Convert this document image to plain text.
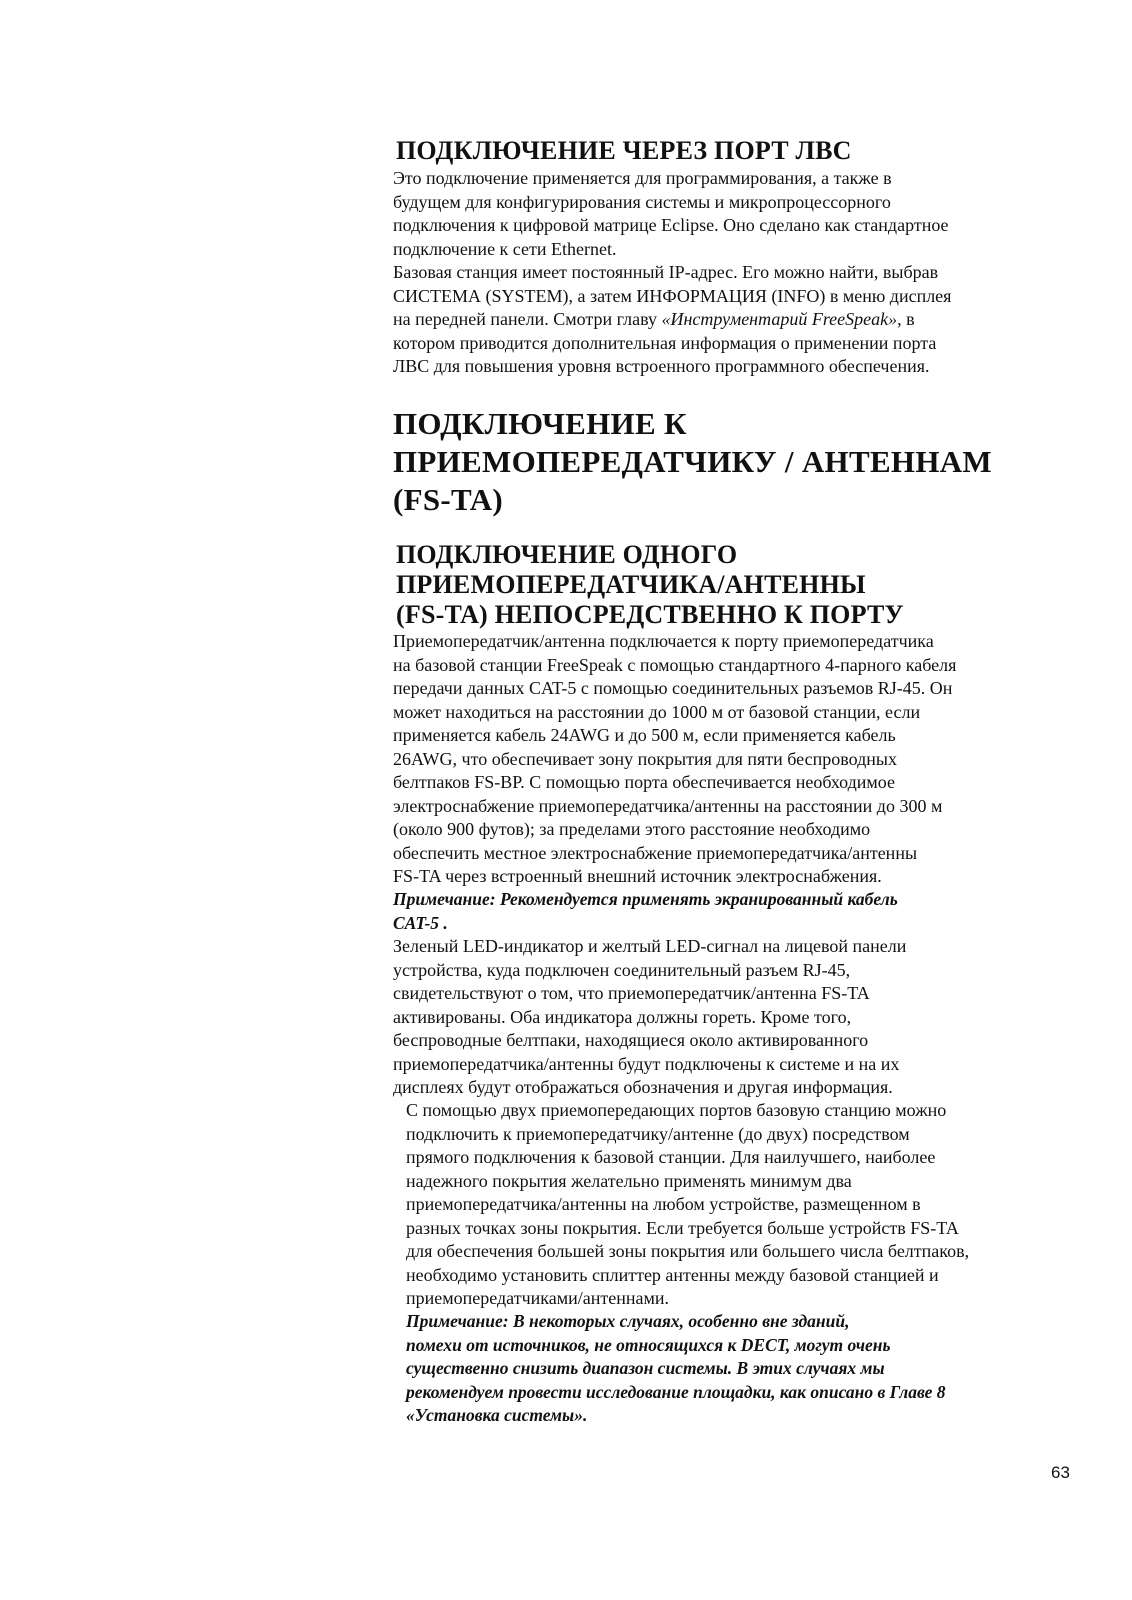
ПОДКЛЮЧЕНИЕ ЧЕРЕЗ ПОРТ ЛВС

Это подключение применяется для программирования, а также в
будущем для конфигурирования системы и микропроцессорного
подключения к цифровой матрице Eclipse. Оно сделано как стандартное
подключение к сети Ethernet.

Базовая станция имеет постоянный IP-адрес. Его можно найти, выбрав
СИСТЕМА (SYSTEM), а затем ИНФОРМАЦИЯ (INFO) в меню дисплея
на передней панели. Смотри главу «Инструментарий FreeSpeak», в
котором приводится дополнительная информация о применении порта
ЛВС для повышения уровня встроенного программного обеспечения.

ПОДКЛЮЧЕНИЕ К
ПРИЕМОПЕРЕДАТЧИКУ / АНТЕННАМ
(FS-TA)
ПОДКЛЮЧЕНИЕ ОДНОГО
ПРИЕМОПЕРЕДАТЧИКА/АНТЕННЫ
(FS-TA) НЕПОСРЕДСТВЕННО К ПОРТУ

Приемопередатчик/антенна подключается к порту приемопередатчика
на базовой станции FreeSpeak с помощью стандартного 4-парного кабеля
передачи данных CAT-5 с помощью соединительных разъемов RJ-45. Он
может находиться на расстоянии до 1000 м от базовой станции, если
применяется кабель 24AWG и до 500 м, если применяется кабель
26AWG, что обеспечивает зону покрытия для пяти беспроводных
белтпаков FS-BP. С помощью порта обеспечивается необходимое
электроснабжение приемопередатчика/антенны на расстоянии до 300 м
(около 900 футов); за пределами этого расстояние необходимо
обеспечить местное электроснабжение приемопередатчика/антенны
FS-TA через встроенный внешний источник электроснабжения.

Примечание: Рекомендуется применять экранированный кабель
CAT-5 .

Зеленый LED-индикатор и желтый LED-сигнал на лицевой панели
устройства, куда подключен соединительный разъем RJ-45,
свидетельствуют о том, что приемопередатчик/антенна FS-TA
активированы. Оба индикатора должны гореть. Кроме того,
беспроводные белтпаки, находящиеся около активированного
приемопередатчика/антенны будут подключены к системе и на их
дисплеях будут отображаться обозначения и другая информация.

С помощью двух приемопередающих портов базовую станцию можно
подключить к приемопередатчику/антенне (до двух) посредством
прямого подключения к базовой станции. Для наилучшего, наиболее
надежного покрытия желательно применять минимум два
приемопередатчика/антенны на любом устройстве, размещенном в
разных точках зоны покрытия. Если требуется больше устройств FS-TA
для обеспечения большей зоны покрытия или большего числа белтпаков,
необходимо установить сплиттер антенны между базовой станцией и
приемопередатчиками/антеннами.

Примечание: В некоторых случаях, особенно вне зданий,
помехи от источников, не относящихся к DECT, могут очень
существенно снизить диапазон системы. В этих случаях мы
рекомендуем провести исследование площадки, как описано в Главе 8
«Установка системы».

63
